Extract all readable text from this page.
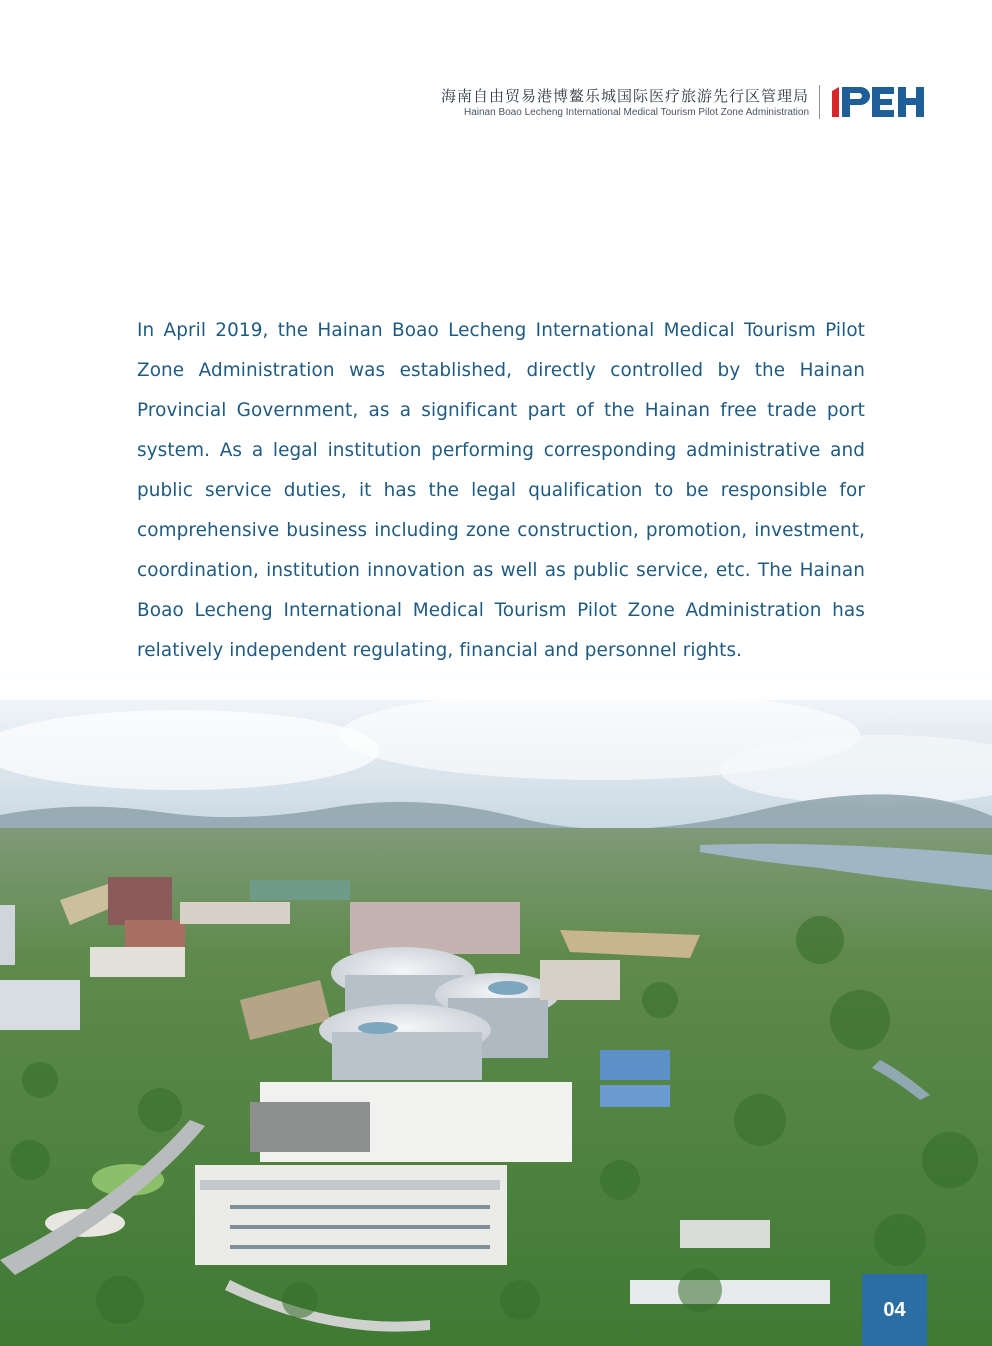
海南自由贸易港博鳌乐城国际医疗旅游先行区管理局
Hainan Boao Lecheng International Medical Tourism Pilot Zone Administration

In April 2019, the Hainan Boao Lecheng International Medical Tourism Pilot Zone Administration was established, directly controlled by the Hainan Provincial Government, as a significant part of the Hainan free trade port system. As a legal institution performing corresponding administrative and public service duties, it has the legal qualification to be responsible for comprehensive business including zone construction, promotion, investment, coordination, institution innovation as well as public service, etc. The Hainan Boao Lecheng International Medical Tourism Pilot Zone Administration has relatively independent regulating, financial and personnel rights.

04
